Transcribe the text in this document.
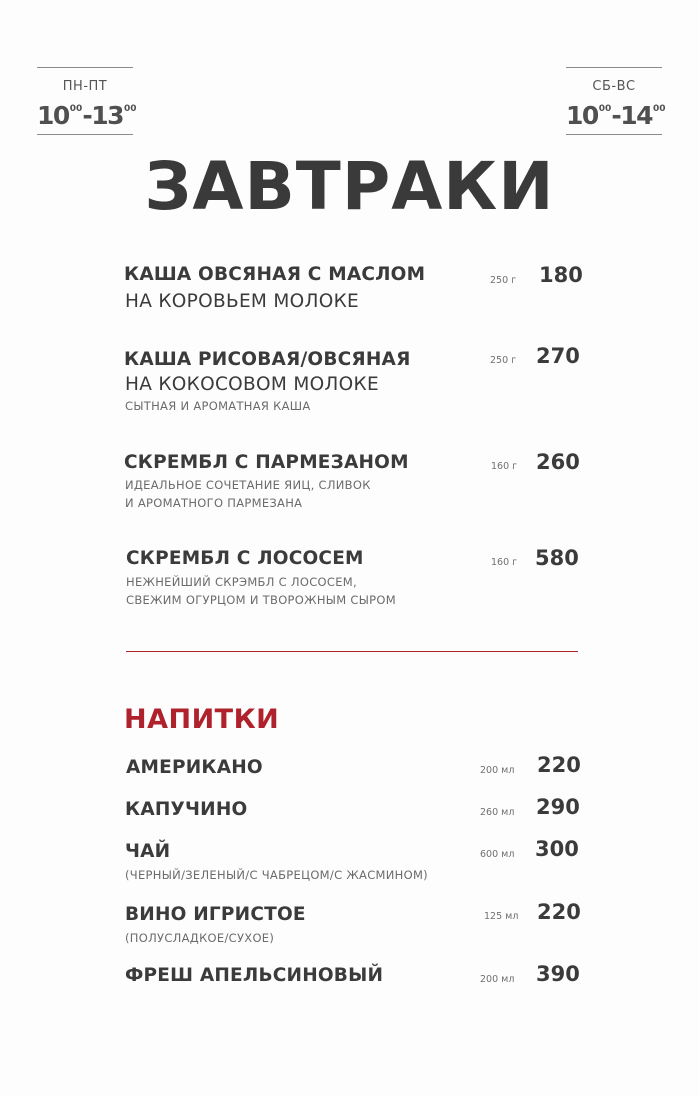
ПН-ПТ
$10^{00}-13^{00}$
СБ-ВС
$10^{00}-14^{00}$
ЗАВТРАКИ
КАША ОВСЯНАЯ С МАСЛОМ
НА КОРОВЬЕМ МОЛОКЕ
250 г 180
КАША РИСОВАЯ/ОВСЯНАЯ
НА КОКОСОВОМ МОЛОКЕ
СЫТНАЯ И АРОМАТНАЯ КАША
250 г 270
СКРЕМБЛ С ПАРМЕЗАНОМ
ИДЕАЛЬНОЕ СОЧЕТАНИЕ ЯИЦ, СЛИВОК
И АРОМАТНОГО ПАРМЕЗАНА
160 г 260
СКРЕМБЛ С ЛОСОСЕМ
НЕЖНЕЙШИЙ СКРЭМБЛ С ЛОСОСЕМ,
СВЕЖИМ ОГУРЦОМ И ТВОРОЖНЫМ СЫРОМ
160 г 580
НАПИТКИ
АМЕРИКАНО	200 мл 220
КАПУЧИНО	260 мл 290
ЧАЙ
(ЧЕРНЫЙ/ЗЕЛЕНЫЙ/С ЧАБРЕЦОМ/С ЖАСМИНОМ)
600 мл 300
ВИНО ИГРИСТОЕ
(ПОЛУСЛАДКОЕ/СУХОЕ)
125 мл 220
ФРЕШ АПЕЛЬСИНОВЫЙ	200 мл 390
